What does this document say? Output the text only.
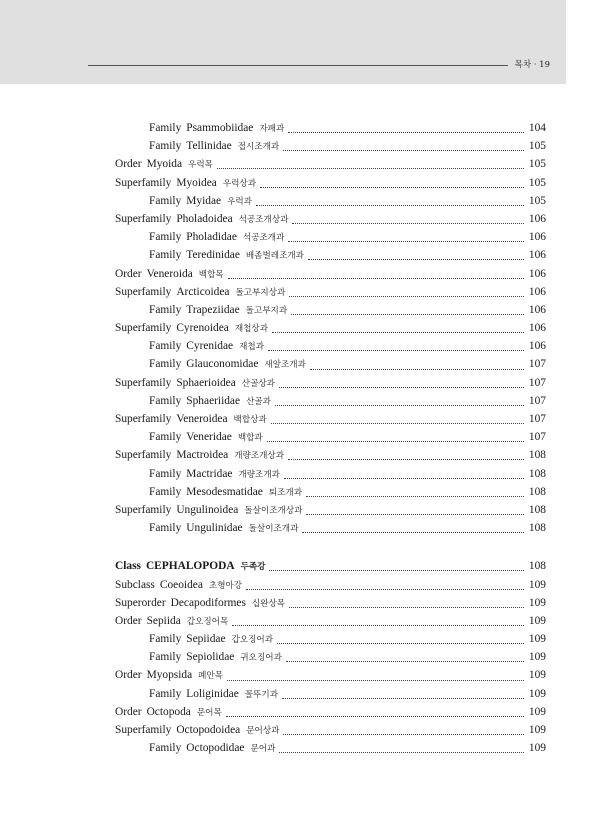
목차 · 19
Family Psammobiidae 자패과	104
Family Tellinidae 접시조개과	105
Order Myoida 우럭목	105
Superfamily Myoidea 우럭상과	105
Family Myidae 우럭과	105
Superfamily Pholadoidea 석공조개상과	106
Family Pholadidae 석공조개과	106
Family Teredinidae 배좀벌레조개과	106
Order Veneroida 백합목	106
Superfamily Arcticoidea 돌고부지상과	106
Family Trapeziidae 돌고부지과	106
Superfamily Cyrenoidea 재첩상과	106
Family Cyrenidae 재첩과	106
Family Glauconomidae 새알조개과	107
Superfamily Sphaerioidea 산골상과	107
Family Sphaeriidae 산골과	107
Superfamily Veneroidea 백합상과	107
Family Veneridae 백합과	107
Superfamily Mactroidea 개량조개상과	108
Family Mactridae 개량조개과	108
Family Mesodesmatidae 퇴조개과	108
Superfamily Ungulinoidea 돌살이조개상과	108
Family Ungulinidae 돌살이조개과	108
Class CEPHALOPODA 두족강	108
Subclass Coeoidea 초형아강	109
Superorder Decapodiformes 십완상목	109
Order Sepiida 갑오징어목	109
Family Sepiidae 갑오징어과	109
Family Sepiolidae 귀오징어과	109
Order Myopsida 폐안목	109
Family Loliginidae 꼴뚜기과	109
Order Octopoda 문어목	109
Superfamily Octopodoidea 문어상과	109
Family Octopodidae 문어과	109
